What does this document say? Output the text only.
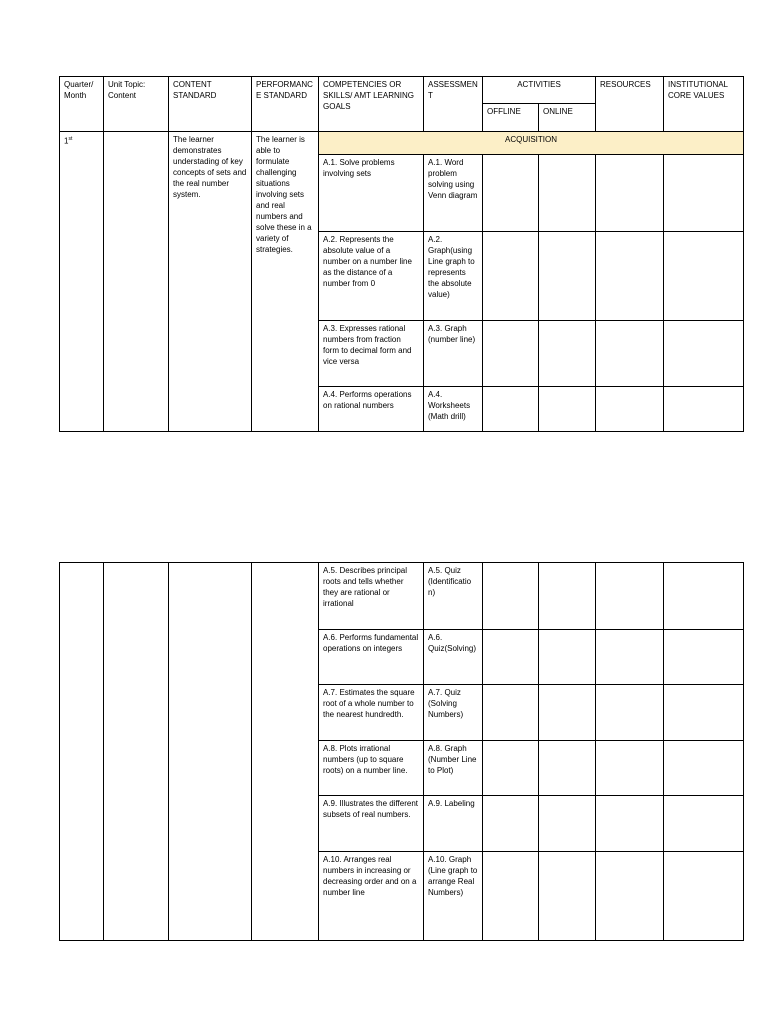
Quarter/ Month	Unit Topic: Content	CONTENT STANDARD	PERFORMANC E STANDARD	COMPETENCIES OR SKILLS/ AMT LEARNING GOALS	ASSESSMENT	ACTIVITIES		RESOURCES	INSTITUTIONAL CORE VALUES
						OFFLINE	ONLINE		
1st		The learner demonstrates understading of key concepts of sets and the real number system.	The learner is able to formulate challenging situations involving sets and real numbers and solve these in a variety of strategies.	ACQUISITION					
				A.1. Solve problems involving sets	A.1. Word problem solving using Venn diagram				
				A.2. Represents the absolute value of a number on a number line as the distance of a number from 0	A.2. Graph(using Line graph to represents the absolute value)				
				A.3. Expresses rational numbers from fraction form to decimal form and vice versa	A.3. Graph (number line)				
				A.4. Performs operations on rational numbers	A.4. Worksheets (Math drill)				
				A.5. Describes principal roots and tells whether they are rational or irrational	A.5. Quiz (Identificatio n)				
				A.6. Performs fundamental operations on integers	A.6. Quiz(Solving)				
				A.7. Estimates the square root of a whole number to the nearest hundredth.	A.7. Quiz (Solving Numbers)				
				A.8. Plots irrational numbers (up to square roots) on a number line.	A.8. Graph (Number Line to Plot)				
				A.9. Illustrates the different subsets of real numbers.	A.9. Labeling				
				A.10. Arranges real numbers in increasing or decreasing order and on a number line	A.10. Graph (Line graph to arrange Real Numbers)				
